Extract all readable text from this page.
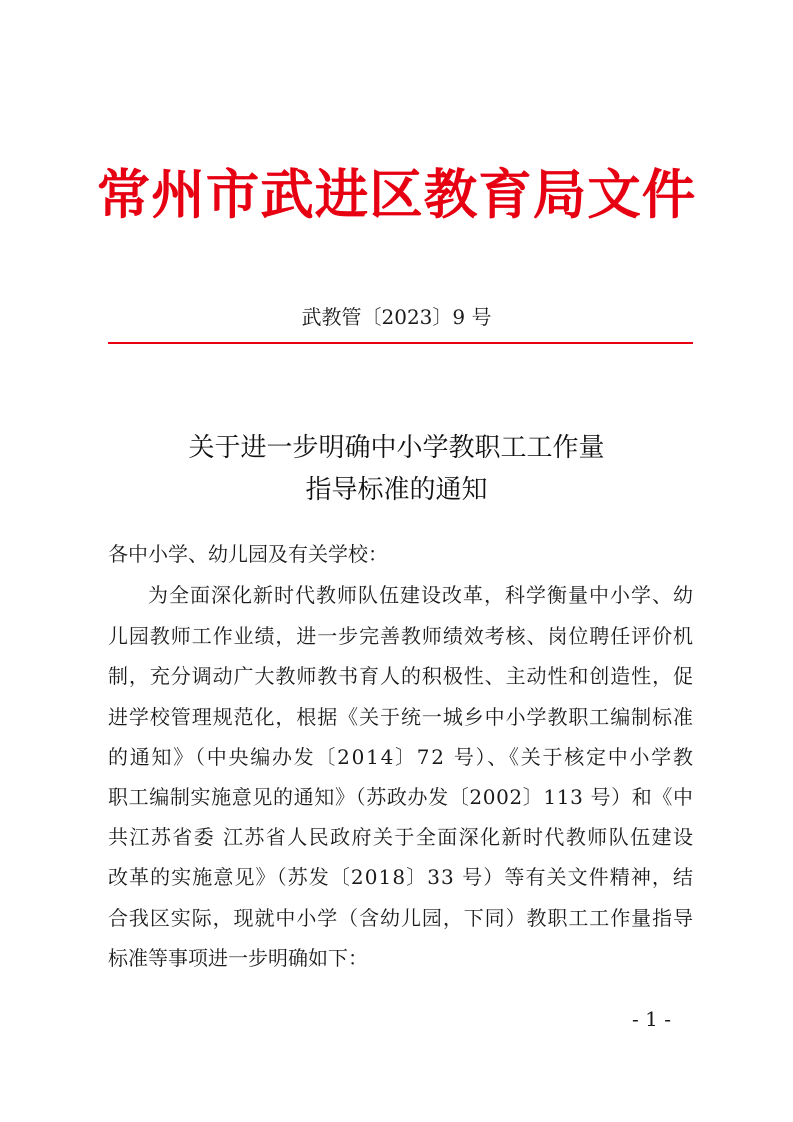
常州市武进区教育局文件
武教管〔2023〕9 号
关于进一步明确中小学教职工工作量
指导标准的通知
各中小学、幼儿园及有关学校：
为全面深化新时代教师队伍建设改革，科学衡量中小学、幼
儿园教师工作业绩，进一步完善教师绩效考核、岗位聘任评价机
制，充分调动广大教师教书育人的积极性、主动性和创造性，促
进学校管理规范化，根据《关于统一城乡中小学教职工编制标准
的通知》（中央编办发〔2014〕72 号）、《关于核定中小学教
职工编制实施意见的通知》（苏政办发〔2002〕113 号）和《中
共江苏省委 江苏省人民政府关于全面深化新时代教师队伍建设
改革的实施意见》（苏发〔2018〕33 号）等有关文件精神，结
合我区实际，现就中小学（含幼儿园，下同）教职工工作量指导
标准等事项进一步明确如下：
- 1 -
